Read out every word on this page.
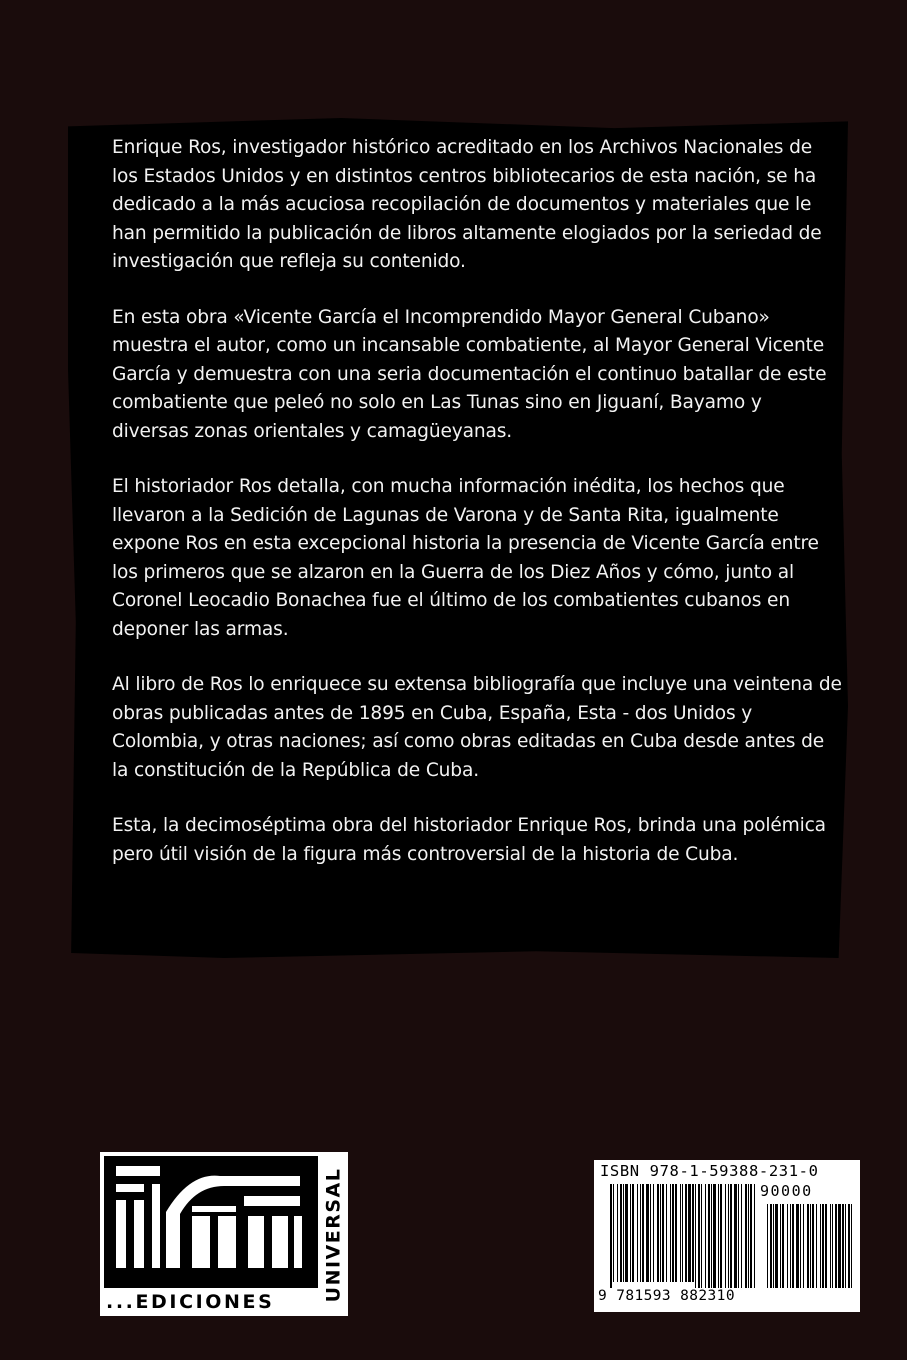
Enrique Ros, investigador histórico acreditado en los Archivos Nacionales de los Estados Unidos y en distintos centros bibliotecarios de esta nación, se ha dedicado a la más acuciosa recopilación de documentos y materiales que le han permitido la publicación de libros altamente elogiados por la seriedad de investigación que refleja su contenido.

En esta obra «Vicente García el Incomprendido Mayor General Cubano» muestra el autor, como un incansable combatiente, al Mayor General Vicente García y demuestra con una seria documentación el continuo batallar de este combatiente que peleó no solo en Las Tunas sino en Jiguaní, Bayamo y diversas zonas orientales y camagüeyanas.

El historiador Ros detalla, con mucha información inédita, los hechos que llevaron a la Sedición de Lagunas de Varona y de Santa Rita, igualmente expone Ros en esta excepcional historia la presencia de Vicente García entre los primeros que se alzaron en la Guerra de los Diez Años y cómo, junto al Coronel Leocadio Bonachea fue el último de los combatientes cubanos en deponer las armas.

Al libro de Ros lo enriquece su extensa bibliografía que incluye una veintena de obras publicadas antes de 1895 en Cuba, España, Esta - dos Unidos y Colombia, y otras naciones; así como obras editadas en Cuba desde antes de la constitución de la República de Cuba.

Esta, la decimoséptima obra del historiador Enrique Ros, brinda una polémica pero útil visión de la figura más controversial de la historia de Cuba.

...EDICIONES	UNIVERSAL	ISBN 978-1-59388-231-0
90000
9 781593 882310
